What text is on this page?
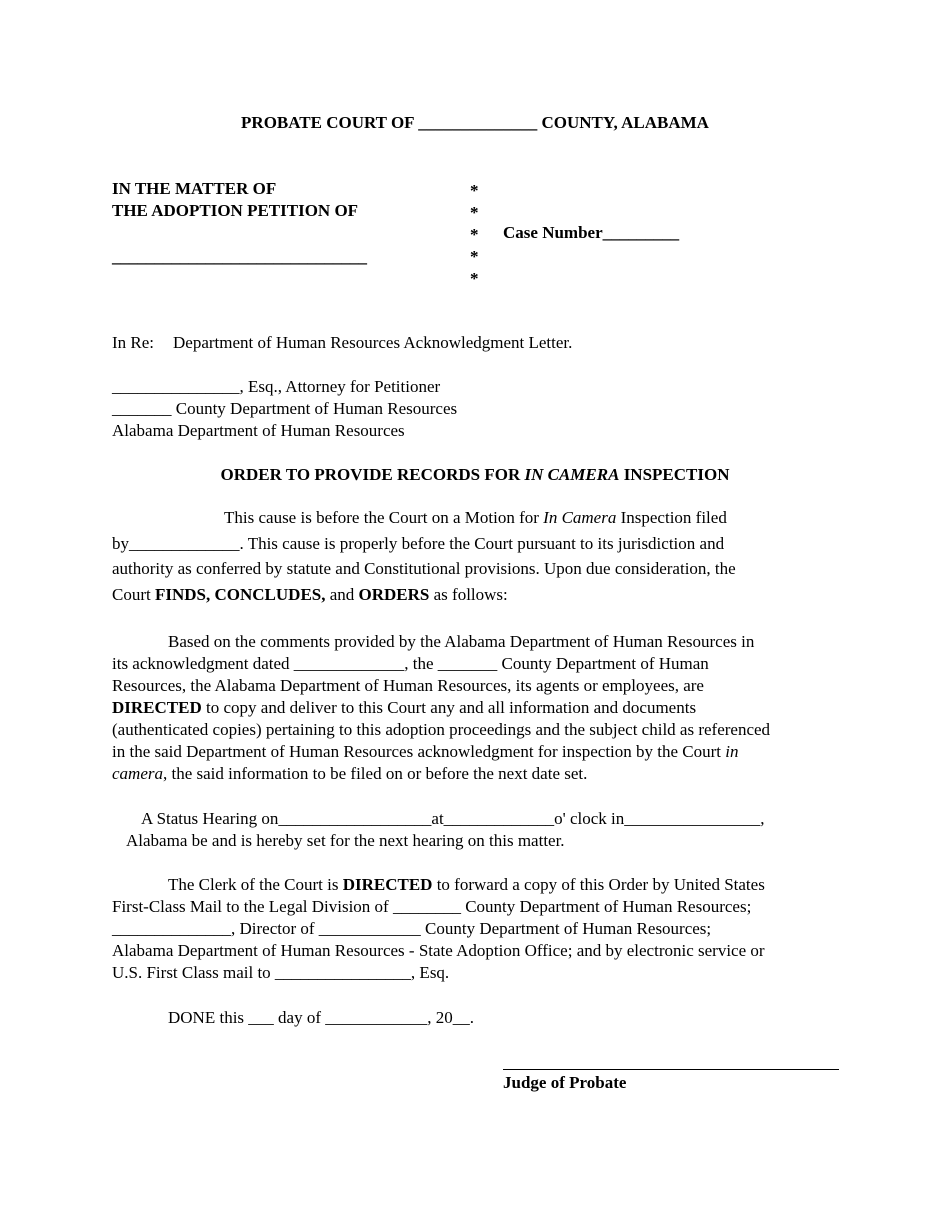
PROBATE COURT OF ______________ COUNTY, ALABAMA
IN THE MATTER OF
THE ADOPTION PETITION OF
______________________________
*
*
*
*
*
Case Number_________
In Re: Department of Human Resources Acknowledgment Letter.
_______________, Esq., Attorney for Petitioner
_______ County Department of Human Resources
Alabama Department of Human Resources
ORDER TO PROVIDE RECORDS FOR IN CAMERA INSPECTION
This cause is before the Court on a Motion for In Camera Inspection filed
by_____________. This cause is properly before the Court pursuant to its jurisdiction and
authority as conferred by statute and Constitutional provisions. Upon due consideration, the
Court FINDS, CONCLUDES, and ORDERS as follows:
Based on the comments provided by the Alabama Department of Human Resources in
its acknowledgment dated _____________, the _______ County Department of Human
Resources, the Alabama Department of Human Resources, its agents or employees, are
DIRECTED to copy and deliver to this Court any and all information and documents
(authenticated copies) pertaining to this adoption proceedings and the subject child as referenced
in the said Department of Human Resources acknowledgment for inspection by the Court in
camera, the said information to be filed on or before the next date set.
A Status Hearing on__________________at_____________o' clock in________________,
Alabama be and is hereby set for the next hearing on this matter.
The Clerk of the Court is DIRECTED to forward a copy of this Order by United States
First-Class Mail to the Legal Division of ________ County Department of Human Resources;
______________, Director of ____________ County Department of Human Resources;
Alabama Department of Human Resources - State Adoption Office; and by electronic service or
U.S. First Class mail to ________________, Esq.
DONE this ___ day of ____________, 20__.
Judge of Probate
